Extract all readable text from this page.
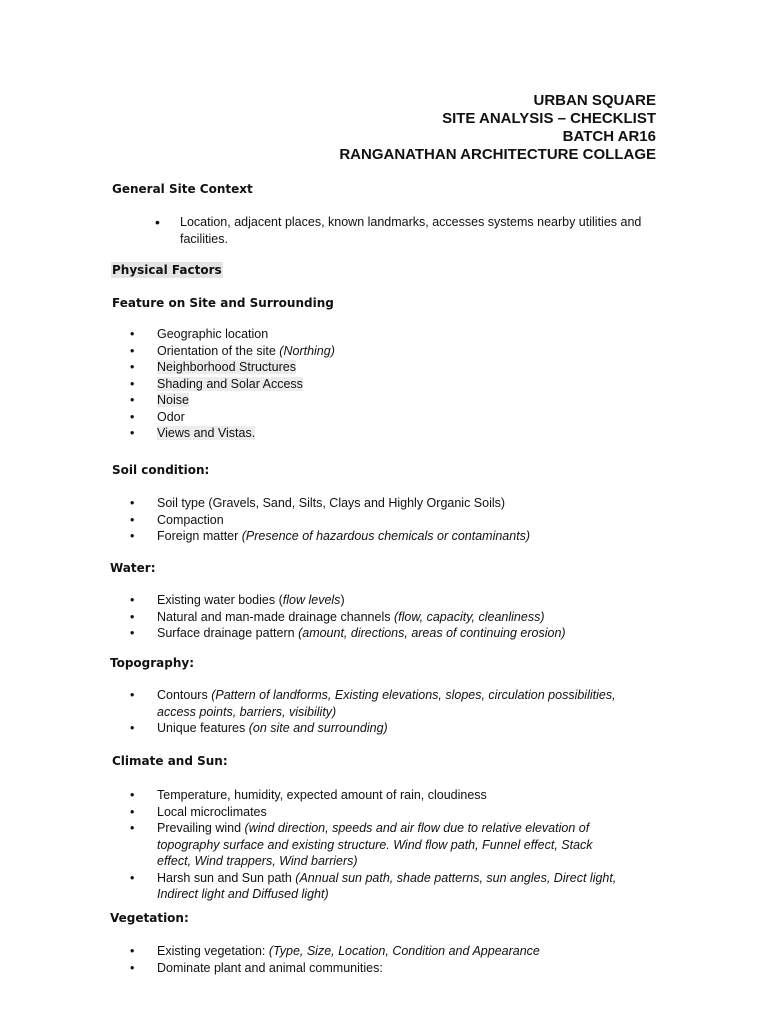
URBAN SQUARE
SITE ANALYSIS – CHECKLIST
BATCH AR16
RANGANATHAN ARCHITECTURE COLLAGE
General Site Context
• Location, adjacent places, known landmarks, accesses systems nearby utilities and facilities.
Physical Factors
Feature on Site and Surrounding
• Geographic location
• Orientation of the site (Northing)
• Neighborhood Structures
• Shading and Solar Access
• Noise
• Odor
• Views and Vistas.
Soil condition:
• Soil type (Gravels, Sand, Silts, Clays and Highly Organic Soils)
• Compaction
• Foreign matter (Presence of hazardous chemicals or contaminants)
Water:
• Existing water bodies (flow levels)
• Natural and man-made drainage channels (flow, capacity, cleanliness)
• Surface drainage pattern (amount, directions, areas of continuing erosion)
Topography:
• Contours (Pattern of landforms, Existing elevations, slopes, circulation possibilities, access points, barriers, visibility)
• Unique features (on site and surrounding)
Climate and Sun:
• Temperature, humidity, expected amount of rain, cloudiness
• Local microclimates
• Prevailing wind (wind direction, speeds and air flow due to relative elevation of topography surface and existing structure. Wind flow path, Funnel effect, Stack effect, Wind trappers, Wind barriers)
• Harsh sun and Sun path (Annual sun path, shade patterns, sun angles, Direct light, Indirect light and Diffused light)
Vegetation:
• Existing vegetation: (Type, Size, Location, Condition and Appearance
• Dominate plant and animal communities:
